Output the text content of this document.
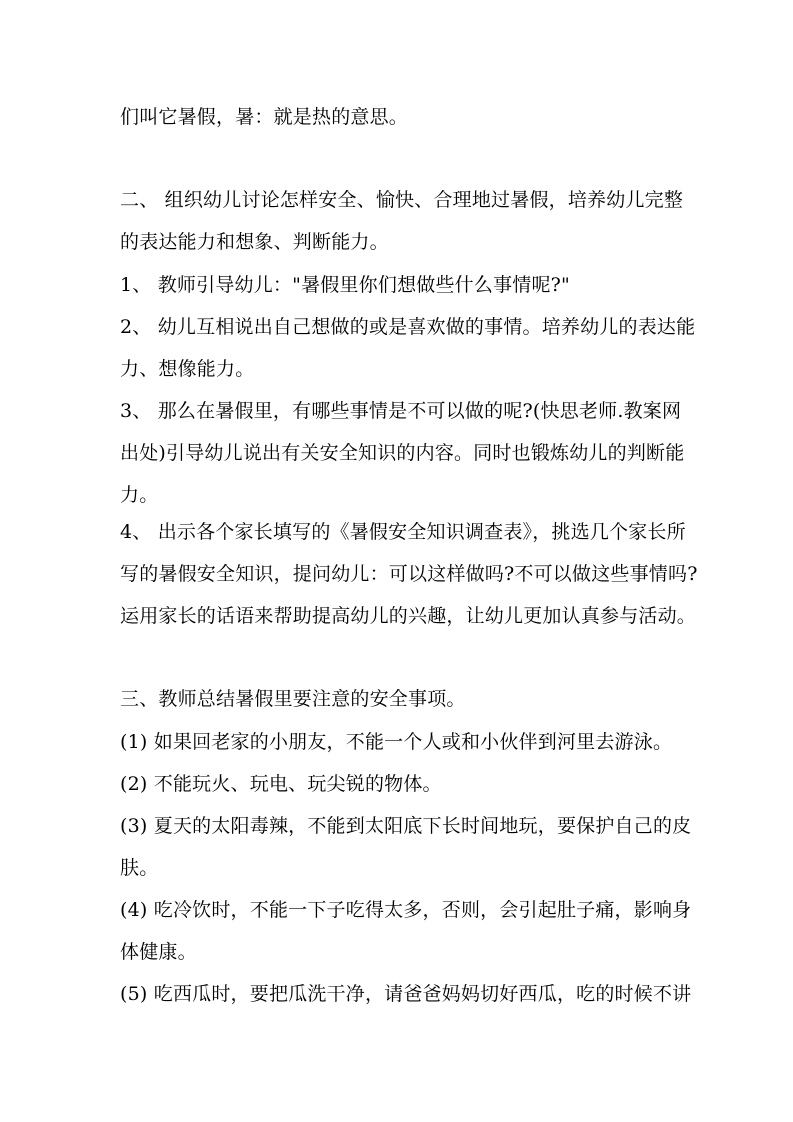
们叫它暑假，暑：就是热的意思。
二、 组织幼儿讨论怎样安全、愉快、合理地过暑假，培养幼儿完整
的表达能力和想象、判断能力。
1、 教师引导幼儿："暑假里你们想做些什么事情呢?"
2、 幼儿互相说出自己想做的或是喜欢做的事情。培养幼儿的表达能
力、想像能力。
3、 那么在暑假里，有哪些事情是不可以做的呢?(快思老师.教案网
出处)引导幼儿说出有关安全知识的内容。同时也锻炼幼儿的判断能
力。
4、 出示各个家长填写的《暑假安全知识调查表》，挑选几个家长所
写的暑假安全知识，提问幼儿：可以这样做吗?不可以做这些事情吗?
运用家长的话语来帮助提高幼儿的兴趣，让幼儿更加认真参与活动。
三、教师总结暑假里要注意的安全事项。
(1) 如果回老家的小朋友，不能一个人或和小伙伴到河里去游泳。
(2) 不能玩火、玩电、玩尖锐的物体。
(3) 夏天的太阳毒辣，不能到太阳底下长时间地玩，要保护自己的皮
肤。
(4) 吃冷饮时，不能一下子吃得太多，否则，会引起肚子痛，影响身
体健康。
(5) 吃西瓜时，要把瓜洗干净，请爸爸妈妈切好西瓜，吃的时候不讲
